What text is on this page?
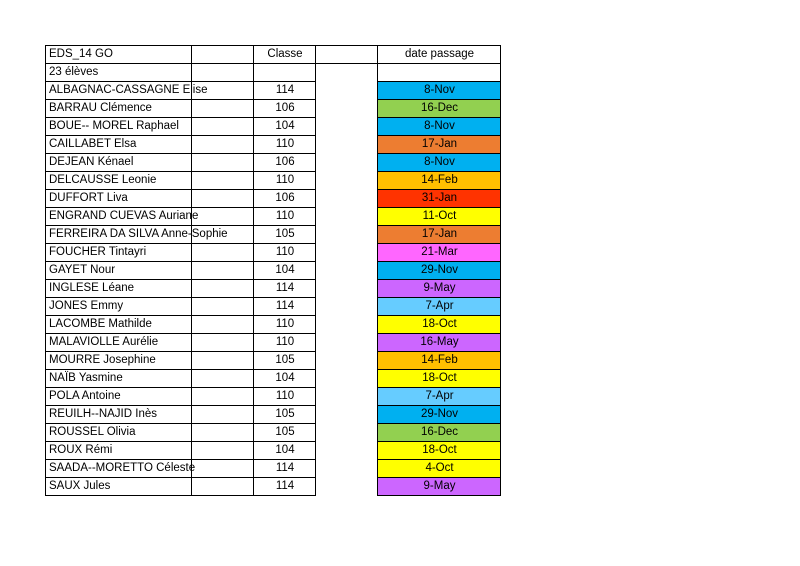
EDS_14 GO		Classe		date passage
23 élèves				
ALBAGNAC-CASSAGNE Elise		114		8-Nov
BARRAU Clémence		106		16-Dec
BOUE-- MOREL Raphael		104		8-Nov
CAILLABET Elsa		110		17-Jan
DEJEAN Kénael		106		8-Nov
DELCAUSSE Leonie		110		14-Feb
DUFFORT Liva		106		31-Jan
ENGRAND CUEVAS Auriane		110		11-Oct
FERREIRA DA SILVA Anne-Sophie		105		17-Jan
FOUCHER Tintayri		110		21-Mar
GAYET Nour		104		29-Nov
INGLESE Léane		114		9-May
JONES Emmy		114		7-Apr
LACOMBE Mathilde		110		18-Oct
MALAVIOLLE Aurélie		110		16-May
MOURRE Josephine		105		14-Feb
NAÏB Yasmine		104		18-Oct
POLA Antoine		110		7-Apr
REUILH--NAJID Inès		105		29-Nov
ROUSSEL Olivia		105		16-Dec
ROUX Rémi		104		18-Oct
SAADA--MORETTO Céleste		114		4-Oct
SAUX Jules		114		9-May
